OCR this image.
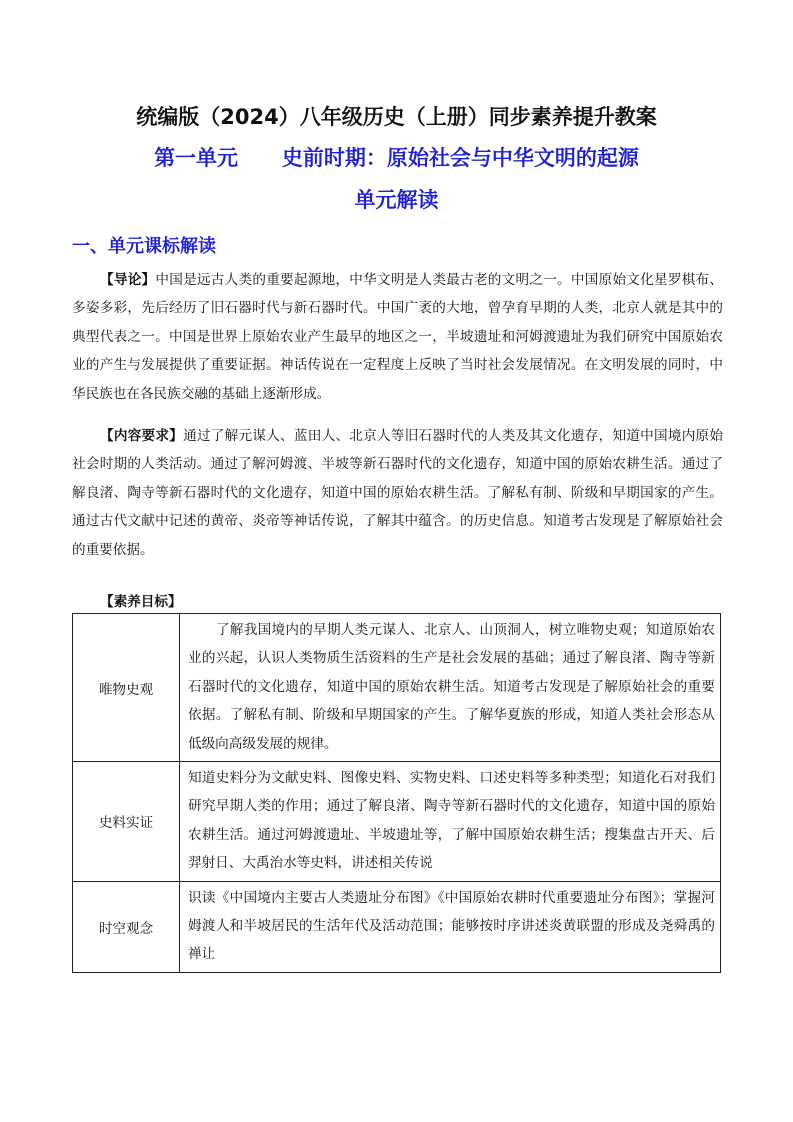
统编版（2024）八年级历史（上册）同步素养提升教案
第一单元      史前时期：原始社会与中华文明的起源
单元解读
一、单元课标解读
【导论】中国是远古人类的重要起源地，中华文明是人类最古老的文明之一。中国原始文化星罗棋布、多姿多彩，先后经历了旧石器时代与新石器时代。中国广袤的大地，曾孕育早期的人类，北京人就是其中的典型代表之一。中国是世界上原始农业产生最早的地区之一，半坡遗址和河姆渡遗址为我们研究中国原始农业的产生与发展提供了重要证据。神话传说在一定程度上反映了当时社会发展情况。在文明发展的同时，中华民族也在各民族交融的基础上逐渐形成。
【内容要求】通过了解元谋人、蓝田人、北京人等旧石器时代的人类及其文化遗存，知道中国境内原始社会时期的人类活动。通过了解河姆渡、半坡等新石器时代的文化遗存，知道中国的原始农耕生活。通过了解良渚、陶寺等新石器时代的文化遗存，知道中国的原始农耕生活。了解私有制、阶级和早期国家的产生。通过古代文献中记述的黄帝、炎帝等神话传说，了解其中蕴含。的历史信息。知道考古发现是了解原始社会的重要依据。
【素养目标】
唯物史观	了解我国境内的早期人类元谋人、北京人、山顶洞人，树立唯物史观；知道原始农业的兴起，认识人类物质生活资料的生产是社会发展的基础；通过了解良渚、陶寺等新石器时代的文化遗存，知道中国的原始农耕生活。知道考古发现是了解原始社会的重要依据。了解私有制、阶级和早期国家的产生。了解华夏族的形成，知道人类社会形态从低级向高级发展的规律。
史料实证	知道史料分为文献史料、图像史料、实物史料、口述史料等多种类型；知道化石对我们研究早期人类的作用；通过了解良渚、陶寺等新石器时代的文化遗存，知道中国的原始农耕生活。通过河姆渡遗址、半坡遗址等，了解中国原始农耕生活；搜集盘古开天、后羿射日、大禹治水等史料，讲述相关传说
时空观念	识读《中国境内主要古人类遗址分布图》《中国原始农耕时代重要遗址分布图》；掌握河姆渡人和半坡居民的生活年代及活动范围；能够按时序讲述炎黄联盟的形成及尧舜禹的禅让
